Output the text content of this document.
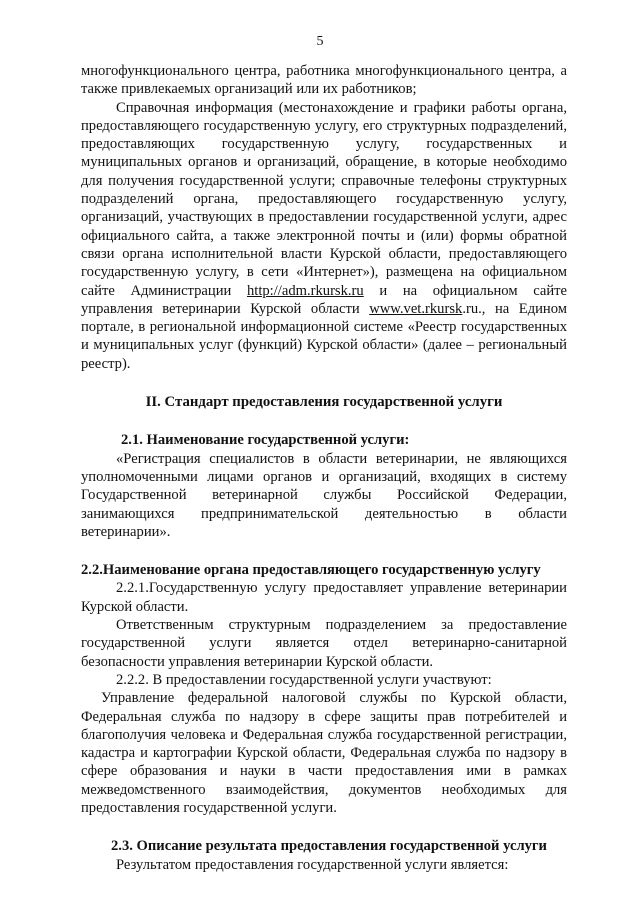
5

многофункционального центра, работника многофункционального центра, а также привлекаемых организаций или их работников;

Справочная информация (местонахождение и графики работы органа, предоставляющего государственную услугу, его структурных подразделений, предоставляющих государственную услугу, государственных и муниципальных органов и организаций, обращение, в которые необходимо для получения государственной услуги; справочные телефоны структурных подразделений органа, предоставляющего государственную услугу, организаций, участвующих в предоставлении государственной услуги, адрес официального сайта, а также электронной почты и (или) формы обратной связи органа исполнительной власти Курской области, предоставляющего государственную услугу, в сети «Интернет»), размещена на официальном сайте Администрации http://adm.rkursk.ru и на официальном сайте управления ветеринарии Курской области www.vet.rkursk.ru., на Едином портале, в региональной информационной системе «Реестр государственных и муниципальных услуг (функций) Курской области» (далее – региональный реестр).

II. Стандарт предоставления государственной услуги

2.1. Наименование государственной услуги:

«Регистрация специалистов в области ветеринарии, не являющихся уполномоченными лицами органов и организаций, входящих в систему Государственной ветеринарной службы Российской Федерации, занимающихся предпринимательской деятельностью в области ветеринарии».

2.2.Наименование органа предоставляющего государственную услугу

2.2.1.Государственную услугу предоставляет управление ветеринарии Курской области.

Ответственным структурным подразделением за предоставление государственной услуги является отдел ветеринарно-санитарной безопасности управления ветеринарии Курской области.

2.2.2. В предоставлении государственной услуги участвуют:

Управление федеральной налоговой службы по Курской области, Федеральная служба по надзору в сфере защиты прав потребителей и благополучия человека и Федеральная служба государственной регистрации, кадастра и картографии Курской области, Федеральная служба по надзору в сфере образования и науки в части предоставления ими в рамках межведомственного взаимодействия, документов необходимых для предоставления государственной услуги.

2.3. Описание результата предоставления государственной услуги

Результатом предоставления государственной услуги является:
